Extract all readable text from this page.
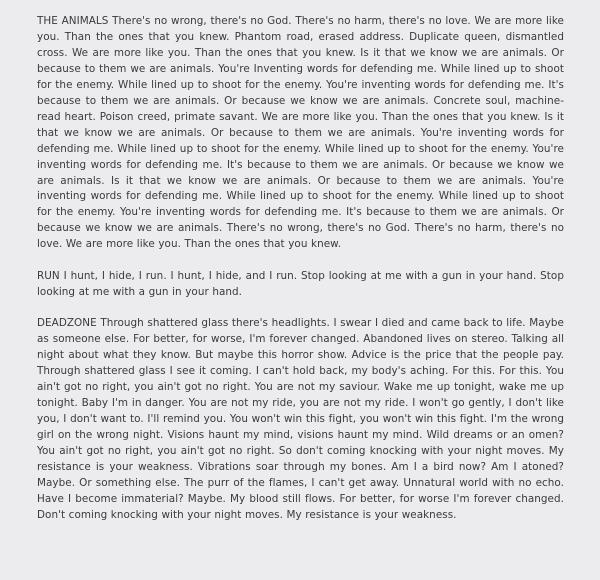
THE ANIMALS There's no wrong, there's no God. There's no harm, there's no love. We are more like you. Than the ones that you knew. Phantom road, erased address. Duplicate queen, dismantled cross. We are more like you. Than the ones that you knew. Is it that we know we are animals. Or because to them we are animals. You're Inventing words for defending me. While lined up to shoot for the enemy. While lined up to shoot for the enemy. You're inventing words for defending me. It's because to them we are animals. Or because we know we are animals. Concrete soul, machine-read heart. Poison creed, primate savant. We are more like you. Than the ones that you knew. Is it that we know we are animals. Or because to them we are animals. You're inventing words for defending me. While lined up to shoot for the enemy. While lined up to shoot for the enemy. You're inventing words for defending me. It's because to them we are animals. Or because we know we are animals. Is it that we know we are animals. Or because to them we are animals. You're inventing words for defending me. While lined up to shoot for the enemy. While lined up to shoot for the enemy. You're inventing words for defending me. It's because to them we are animals. Or because we know we are animals. There's no wrong, there's no God. There's no harm, there's no love. We are more like you. Than the ones that you knew.

RUN I hunt, I hide, I run. I hunt, I hide, and I run. Stop looking at me with a gun in your hand. Stop looking at me with a gun in your hand.

DEADZONE Through shattered glass there's headlights. I swear I died and came back to life. Maybe as someone else. For better, for worse, I'm forever changed. Abandoned lives on stereo. Talking all night about what they know. But maybe this horror show. Advice is the price that the people pay. Through shattered glass I see it coming. I can't hold back, my body's aching. For this. For this. You ain't got no right, you ain't got no right. You are not my saviour. Wake me up tonight, wake me up tonight. Baby I'm in danger. You are not my ride, you are not my ride. I won't go gently, I don't like you, I don't want to. I'll remind you. You won't win this fight, you won't win this fight. I'm the wrong girl on the wrong night. Visions haunt my mind, visions haunt my mind. Wild dreams or an omen? You ain't got no right, you ain't got no right. So don't coming knocking with your night moves. My resistance is your weakness. Vibrations soar through my bones. Am I a bird now? Am I atoned? Maybe. Or something else. The purr of the flames, I can't get away. Unnatural world with no echo. Have I become immaterial? Maybe. My blood still flows. For better, for worse I'm forever changed. Don't coming knocking with your night moves. My resistance is your weakness.
